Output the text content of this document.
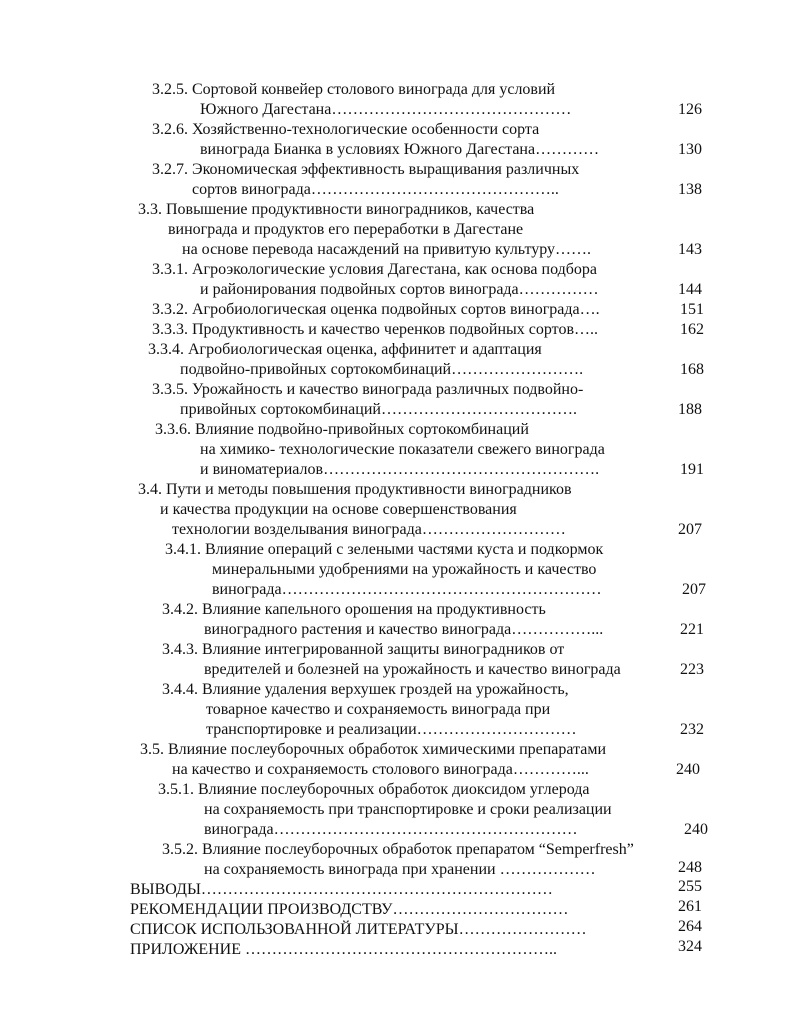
3.2.5. Сортовой конвейер столового винограда для условий
Южного Дагестана………………………………………	126
3.2.6. Хозяйственно-технологические особенности сорта
винограда Бианка в условиях Южного Дагестана…………	130
3.2.7. Экономическая эффективность выращивания различных
сортов винограда………………………………………..	138
3.3. Повышение продуктивности виноградников, качества
винограда и продуктов его переработки в Дагестане
на основе перевода насаждений на привитую культуру…….	143
3.3.1. Агроэкологические условия Дагестана, как основа подбора
и районирования подвойных сортов винограда……………	144
3.3.2. Агробиологическая оценка подвойных сортов винограда….	151
3.3.3. Продуктивность и качество черенков подвойных сортов…..	162
3.3.4. Агробиологическая оценка, аффинитет и адаптация
подвойно-привойных сортокомбинаций…………………….	168
3.3.5. Урожайность и качество винограда различных подвойно-
привойных сортокомбинаций……………………………….	188
3.3.6. Влияние подвойно-привойных сортокомбинаций
на химико- технологические показатели свежего винограда
и виноматериалов…………………………………………….	191
3.4. Пути и методы повышения продуктивности виноградников
и качества продукции на основе совершенствования
технологии возделывания винограда………………………	207
3.4.1. Влияние операций с зелеными частями куста и подкормок
минеральными удобрениями на урожайность и качество
винограда……………………………………………………	207
3.4.2. Влияние капельного орошения на продуктивность
виноградного растения и качество винограда……………...	221
3.4.3. Влияние интегрированной защиты виноградников от
вредителей и болезней на урожайность и качество винограда	223
3.4.4. Влияние удаления верхушек гроздей на урожайность,
товарное качество и сохраняемость винограда при
транспортировке и реализации…………………………	232
3.5. Влияние послеуборочных обработок химическими препаратами
на качество и сохраняемость столового винограда…………...	240
3.5.1. Влияние послеуборочных обработок диоксидом углерода
на сохраняемость при транспортировке и сроки реализации
винограда…………………………………………………	240
3.5.2. Влияние послеуборочных обработок препаратом “Semperfresh”
на сохраняемость винограда при хранении ………………	248
ВЫВОДЫ…………………………………………………………	255
РЕКОМЕНДАЦИИ ПРОИЗВОДСТВУ……………………………	261
СПИСОК ИСПОЛЬЗОВАННОЙ ЛИТЕРАТУРЫ……………………	264
ПРИЛОЖЕНИЕ …………………………………………………..	324
